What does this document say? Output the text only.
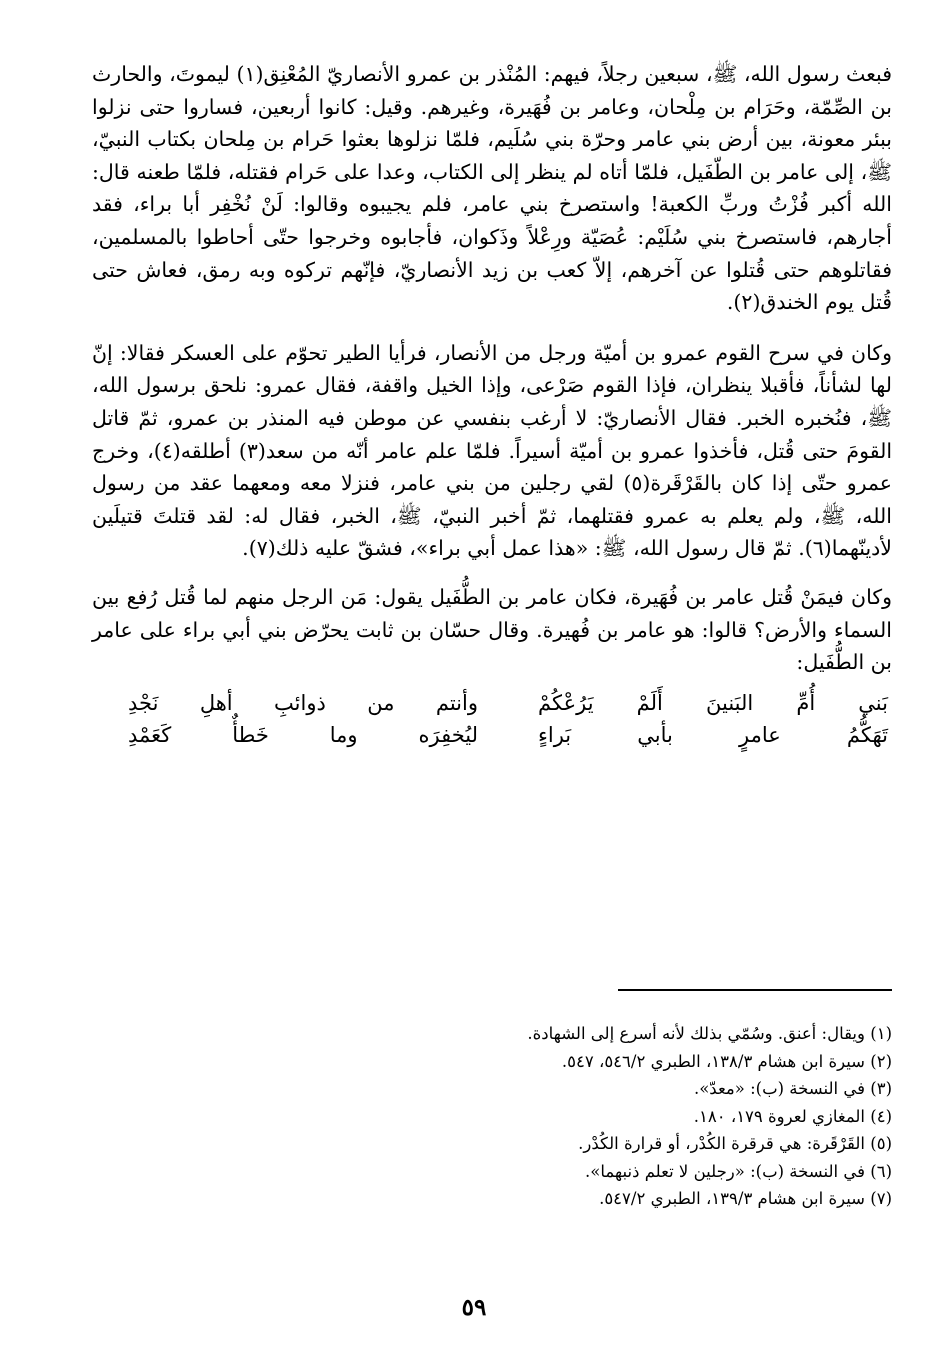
فبعث رسول الله، ﷺ، سبعين رجلاً، فيهم: المُنْذر بن عمرو الأنصاريّ المُعْنِق(١) ليموتَ، والحارث بن الصِّمّة، وحَرَام بن مِلْحان، وعامر بن فُهَيرة، وغيرهم. وقيل: كانوا أربعين، فساروا حتى نزلوا ببئر معونة، بين أرض بني عامر وحرّة بني سُلَيم، فلمّا نزلوها بعثوا حَرام بن مِلحان بكتاب النبيّ، ﷺ، إلى عامر بن الطّفَيل، فلمّا أتاه لم ينظر إلى الكتاب، وعدا على حَرام فقتله، فلمّا طعنه قال: الله أكبر فُزْتُ وربِّ الكعبة! واستصرخ بني عامر، فلم يجيبوه وقالوا: لَنْ نُخْفِر أبا براء، فقد أجارهم، فاستصرخ بني سُلَيْم: عُصَيّة ورِعْلاً وذَكوان، فأجابوه وخرجوا حتّى أحاطوا بالمسلمين، فقاتلوهم حتى قُتلوا عن آخرهم، إلاّ كعب بن زيد الأنصاريّ، فإنّهم تركوه وبه رمق، فعاش حتى قُتل يوم الخندق(٢).

وكان في سرح القوم عمرو بن أميّة ورجل من الأنصار، فرأيا الطير تحوّم على العسكر فقالا: إنّ لها لشأناً، فأقبلا ينظران، فإذا القوم صَرْعى، وإذا الخيل واقفة، فقال عمرو: نلحق برسول الله، ﷺ، فنُخبره الخبر. فقال الأنصاريّ: لا أرغب بنفسي عن موطن فيه المنذر بن عمرو، ثمّ قاتل القومَ حتى قُتل، فأخذوا عمرو بن أميّة أسيراً. فلمّا علم عامر أنّه من سعد(٣) أطلقه(٤)، وخرج عمرو حتّى إذا كان بالقَرْقَرة(٥) لقي رجلين من بني عامر، فنزلا معه ومعهما عقد من رسول الله، ﷺ، ولم يعلم به عمرو فقتلهما، ثمّ أخبر النبيّ، ﷺ، الخبر، فقال له: لقد قتلتَ قتيلَين لأدينّهما(٦). ثمّ قال رسول الله، ﷺ: «هذا عمل أبي براء»، فشقّ عليه ذلك(٧).

وكان فيمَنْ قُتل عامر بن فُهَيرة، فكان عامر بن الطُّفَيل يقول: مَن الرجل منهم لما قُتل رُفع بين السماء والأرض؟ قالوا: هو عامر بن فُهيرة. وقال حسّان بن ثابت يحرّض بني أبي براء على عامر بن الطُّفَيل:

بَني أُمِّ البَنينَ أَلَمْ يَرُعْكُمْ
وأنتم من ذوائبِ أهلِ نَجْدِ
تَهَكُّمُ عامرٍ بأبي بَراءٍ
ليُخفِرَه وما خَطأٌ كَعَمْدِ
(١) ويقال: أعنق. وسُمّي بذلك لأنه أسرع إلى الشهادة.
(٢) سيرة ابن هشام ١٣٨/٣، الطبري ٥٤٦/٢، ٥٤٧.
(٣) في النسخة (ب): «معدّ».
(٤) المغازي لعروة ١٧٩، ١٨٠.
(٥) القَرْقَرة: هي قرقرة الكُدْر، أو قرارة الكُدْر.
(٦) في النسخة (ب): «رجلين لا تعلم ذنبهما».
(٧) سيرة ابن هشام ١٣٩/٣، الطبري ٥٤٧/٢.
٥٩
